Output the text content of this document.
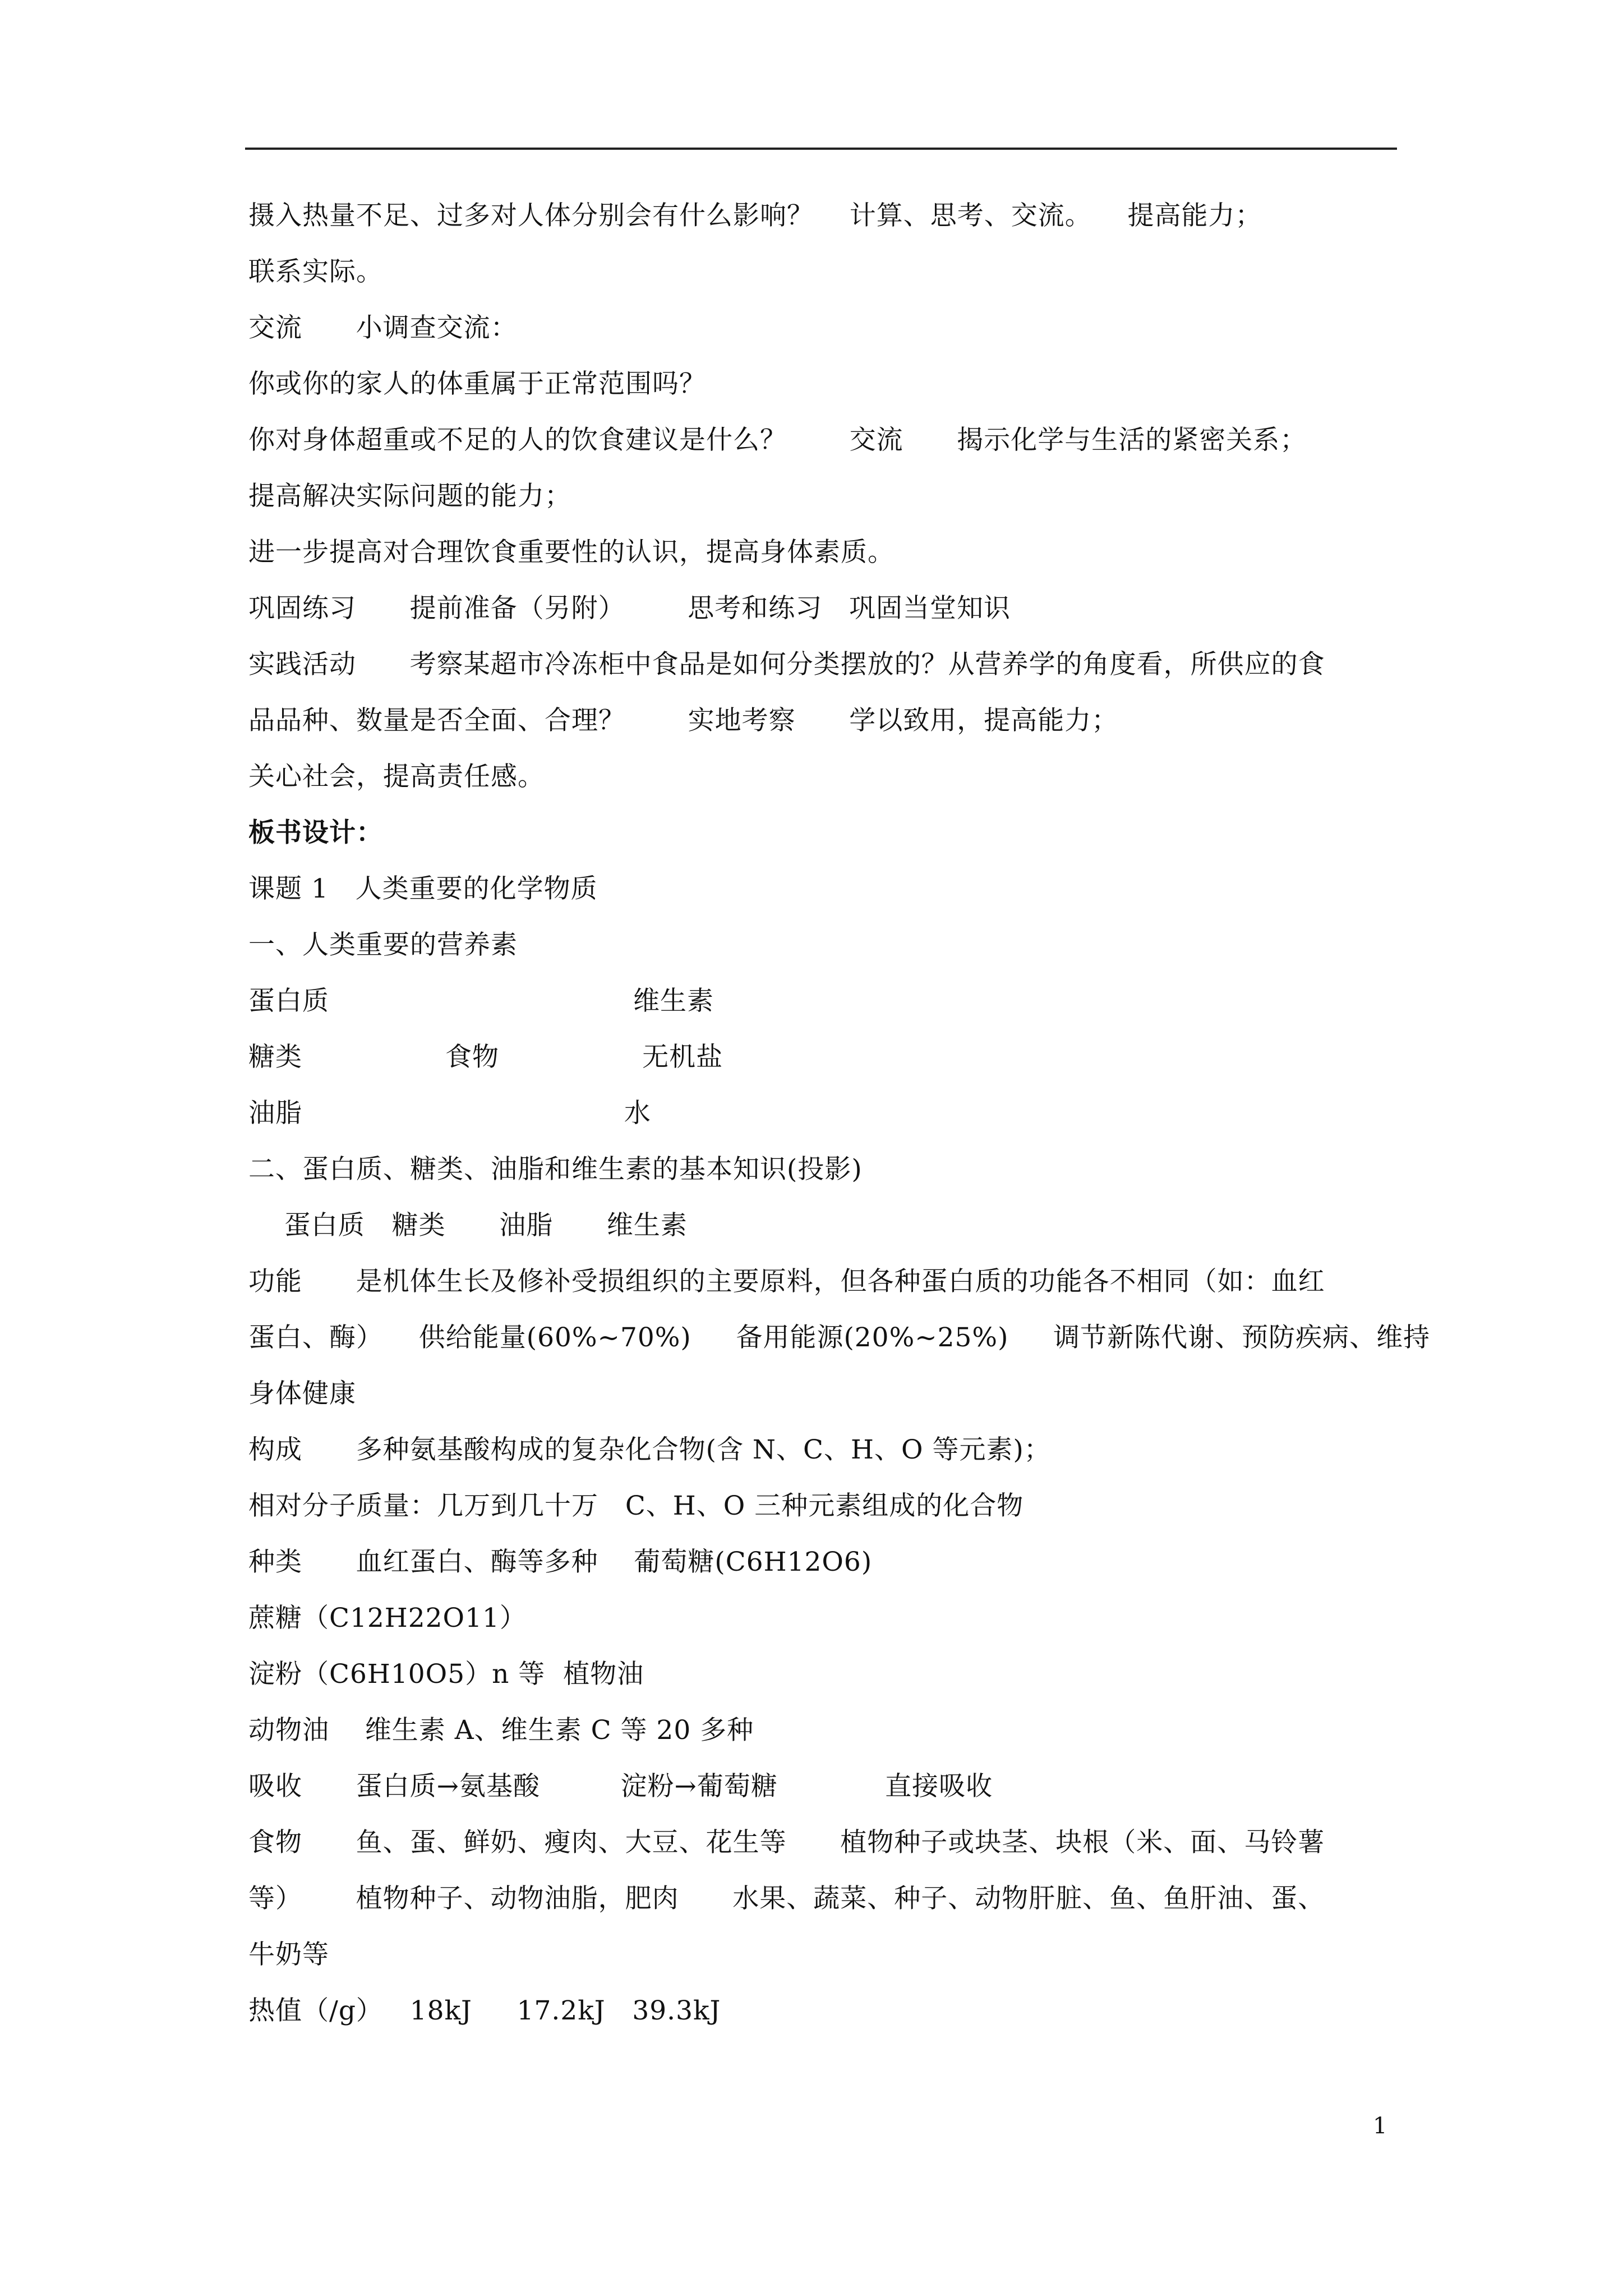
摄入热量不足、过多对人体分别会有什么影响？    计算、思考、交流。    提高能力；
联系实际。
交流      小调查交流：
你或你的家人的体重属于正常范围吗？
你对身体超重或不足的人的饮食建议是什么？       交流      揭示化学与生活的紧密关系；
提高解决实际问题的能力；
进一步提高对合理饮食重要性的认识，提高身体素质。
巩固练习      提前准备（另附）       思考和练习   巩固当堂知识
实践活动      考察某超市冷冻柜中食品是如何分类摆放的？从营养学的角度看，所供应的食
品品种、数量是否全面、合理？       实地考察      学以致用，提高能力；
关心社会，提高责任感。
板书设计：
课题 1   人类重要的化学物质
一、人类重要的营养素
蛋白质                                  维生素
糖类                食物                无机盐
油脂                                    水
二、蛋白质、糖类、油脂和维生素的基本知识(投影)
蛋白质   糖类      油脂      维生素
功能      是机体生长及修补受损组织的主要原料，但各种蛋白质的功能各不相同（如：血红
蛋白、酶）    供给能量(60%~70%)     备用能源(20%~25%)     调节新陈代谢、预防疾病、维持
身体健康
构成      多种氨基酸构成的复杂化合物(含 N、C、H、O 等元素)；
相对分子质量：几万到几十万   C、H、O 三种元素组成的化合物
种类      血红蛋白、酶等多种    葡萄糖(C6H12O6)
蔗糖（C12H22O11）
淀粉（C6H10O5）n 等  植物油
动物油    维生素 A、维生素 C 等 20 多种
吸收      蛋白质→氨基酸         淀粉→葡萄糖            直接吸收
食物      鱼、蛋、鲜奶、瘦肉、大豆、花生等      植物种子或块茎、块根（米、面、马铃薯
等）      植物种子、动物油脂，肥肉      水果、蔬菜、种子、动物肝脏、鱼、鱼肝油、蛋、
牛奶等
热值（/g）   18kJ     17.2kJ   39.3kJ
1
